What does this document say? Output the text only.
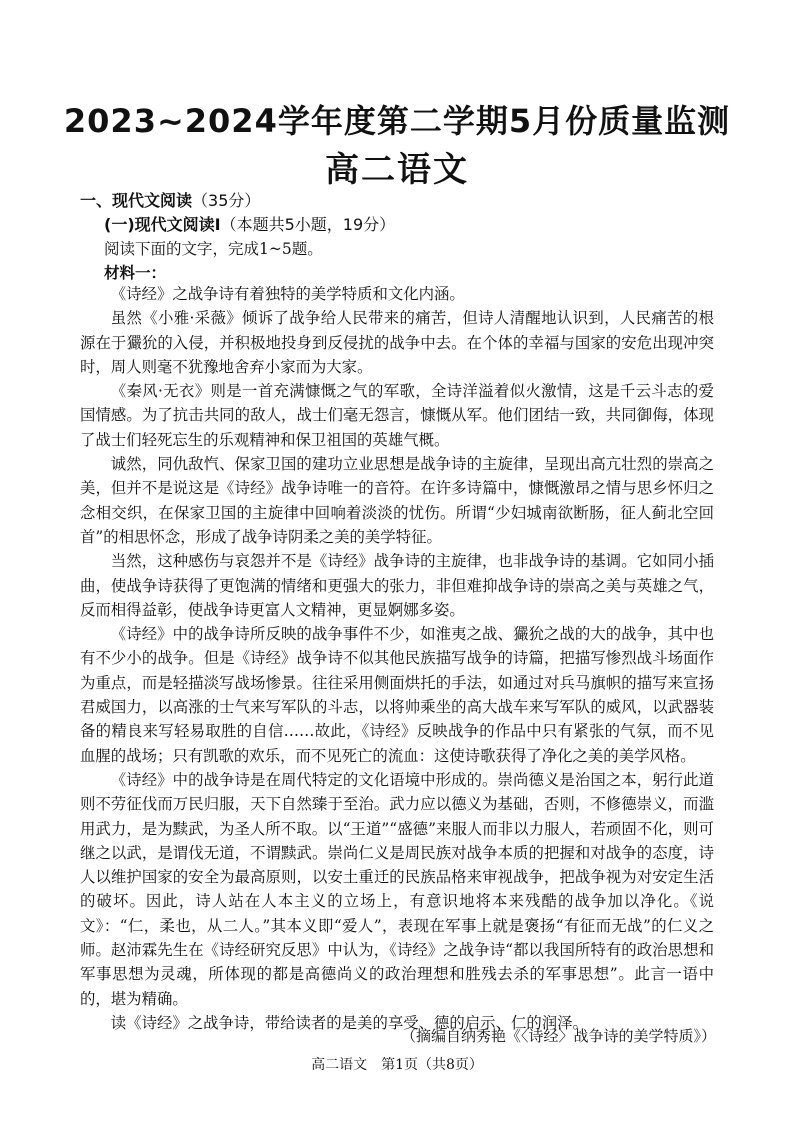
2023~2024学年度第二学期5月份质量监测
高二语文
一、现代文阅读（35分）
(一)现代文阅读Ⅰ（本题共5小题，19分）
阅读下面的文字，完成1~5题。
材料一：

《诗经》之战争诗有着独特的美学特质和文化内涵。

虽然《小雅·采薇》倾诉了战争给人民带来的痛苦，但诗人清醒地认识到，人民痛苦的根源在于玁狁的入侵，并积极地投身到反侵扰的战争中去。在个体的幸福与国家的安危出现冲突时，周人则毫不犹豫地舍弃小家而为大家。

《秦风·无衣》则是一首充满慷慨之气的军歌，全诗洋溢着似火激情，这是千云斗志的爱国情感。为了抗击共同的敌人，战士们毫无怨言，慷慨从军。他们团结一致，共同御侮，体现了战士们轻死忘生的乐观精神和保卫祖国的英雄气概。

诚然，同仇敌忾、保家卫国的建功立业思想是战争诗的主旋律，呈现出高亢壮烈的崇高之美，但并不是说这是《诗经》战争诗唯一的音符。在许多诗篇中，慷慨激昂之情与思乡怀归之念相交织，在保家卫国的主旋律中回响着淡淡的忧伤。所谓“少妇城南欲断肠，征人蓟北空回首”的相思怀念，形成了战争诗阴柔之美的美学特征。

当然，这种感伤与哀怨并不是《诗经》战争诗的主旋律，也非战争诗的基调。它如同小插曲，使战争诗获得了更饱满的情绪和更强大的张力，非但难抑战争诗的崇高之美与英雄之气，反而相得益彰，使战争诗更富人文精神，更显婀娜多姿。

《诗经》中的战争诗所反映的战争事件不少，如淮夷之战、玁狁之战的大的战争，其中也有不少小的战争。但是《诗经》战争诗不似其他民族描写战争的诗篇，把描写惨烈战斗场面作为重点，而是轻描淡写战场惨景。往往采用侧面烘托的手法，如通过对兵马旗帜的描写来宣扬君威国力，以高涨的士气来写军队的斗志，以将帅乘坐的高大战车来写军队的威风，以武器装备的精良来写轻易取胜的自信……故此，《诗经》反映战争的作品中只有紧张的气氛，而不见血腥的战场；只有凯歌的欢乐，而不见死亡的流血：这使诗歌获得了净化之美的美学风格。

《诗经》中的战争诗是在周代特定的文化语境中形成的。崇尚德义是治国之本，躬行此道则不劳征伐而万民归服，天下自然臻于至治。武力应以德义为基础，否则，不修德崇义，而滥用武力，是为黩武，为圣人所不取。以“王道”“盛德”来服人而非以力服人，若顽固不化，则可继之以武，是谓伐无道，不谓黩武。崇尚仁义是周民族对战争本质的把握和对战争的态度，诗人以维护国家的安全为最高原则，以安土重迁的民族品格来审视战争，把战争视为对安定生活的破坏。因此，诗人站在人本主义的立场上，有意识地将本来残酷的战争加以净化。《说文》：“仁，柔也，从二人。”其本义即“爱人”，表现在军事上就是褒扬“有征而无战”的仁义之师。赵沛霖先生在《诗经研究反思》中认为，《诗经》之战争诗“都以我国所特有的政治思想和军事思想为灵魂，所体现的都是高德尚义的政治理想和胜残去杀的军事思想”。此言一语中的，堪为精确。

读《诗经》之战争诗，带给读者的是美的享受、德的启示、仁的润泽。

（摘编自纳秀艳《〈诗经〉战争诗的美学特质》）
高二语文　第1页（共8页）
